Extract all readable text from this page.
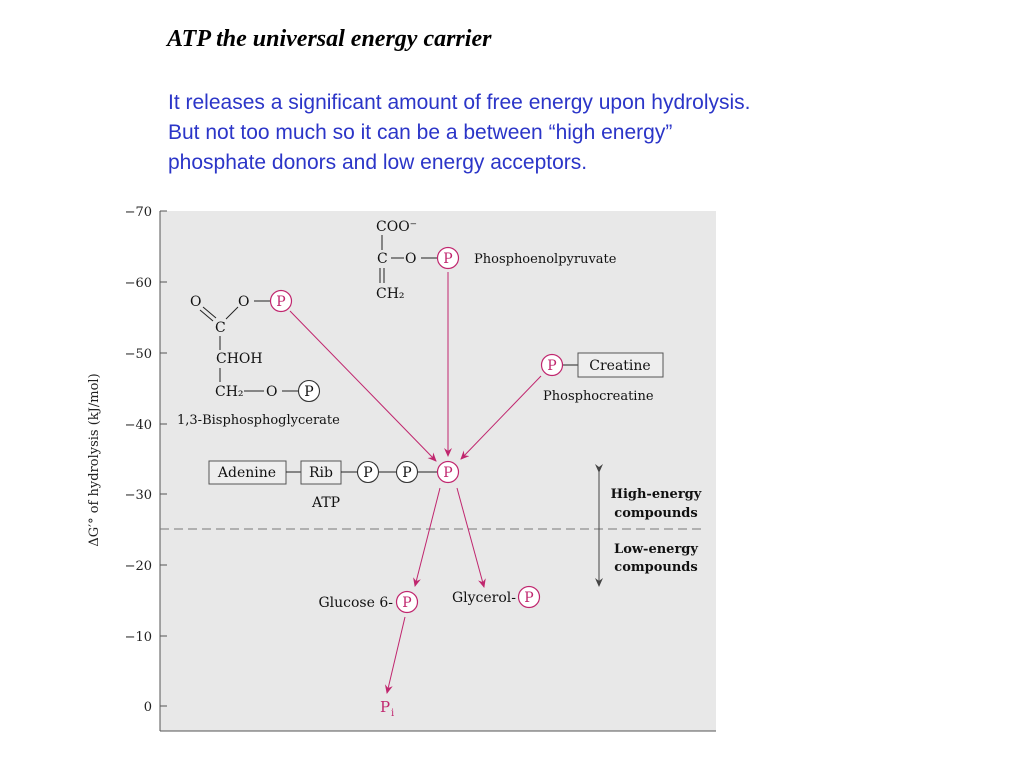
ATP the universal energy carrier
It releases a significant amount of free energy upon hydrolysis.
But not too much so it can be a between “high energy”
phosphate donors and low energy acceptors.
−70
−60
−50
−40
−30
−20
−10
0
ΔG′° of hydrolysis (kJ/mol)	High-energy
compounds
Low-energy
compounds
COO⁻
C O
CH₂
Phosphoenolpyruvate
P
O	O
C
CHOH
CH₂ O
1,3-Bisphosphoglycerate
P
P
Creatine
Phosphocreatine
P
Adenine Rib
ATP
P P P
Glucose 6- P	Glycerol- P
P i
